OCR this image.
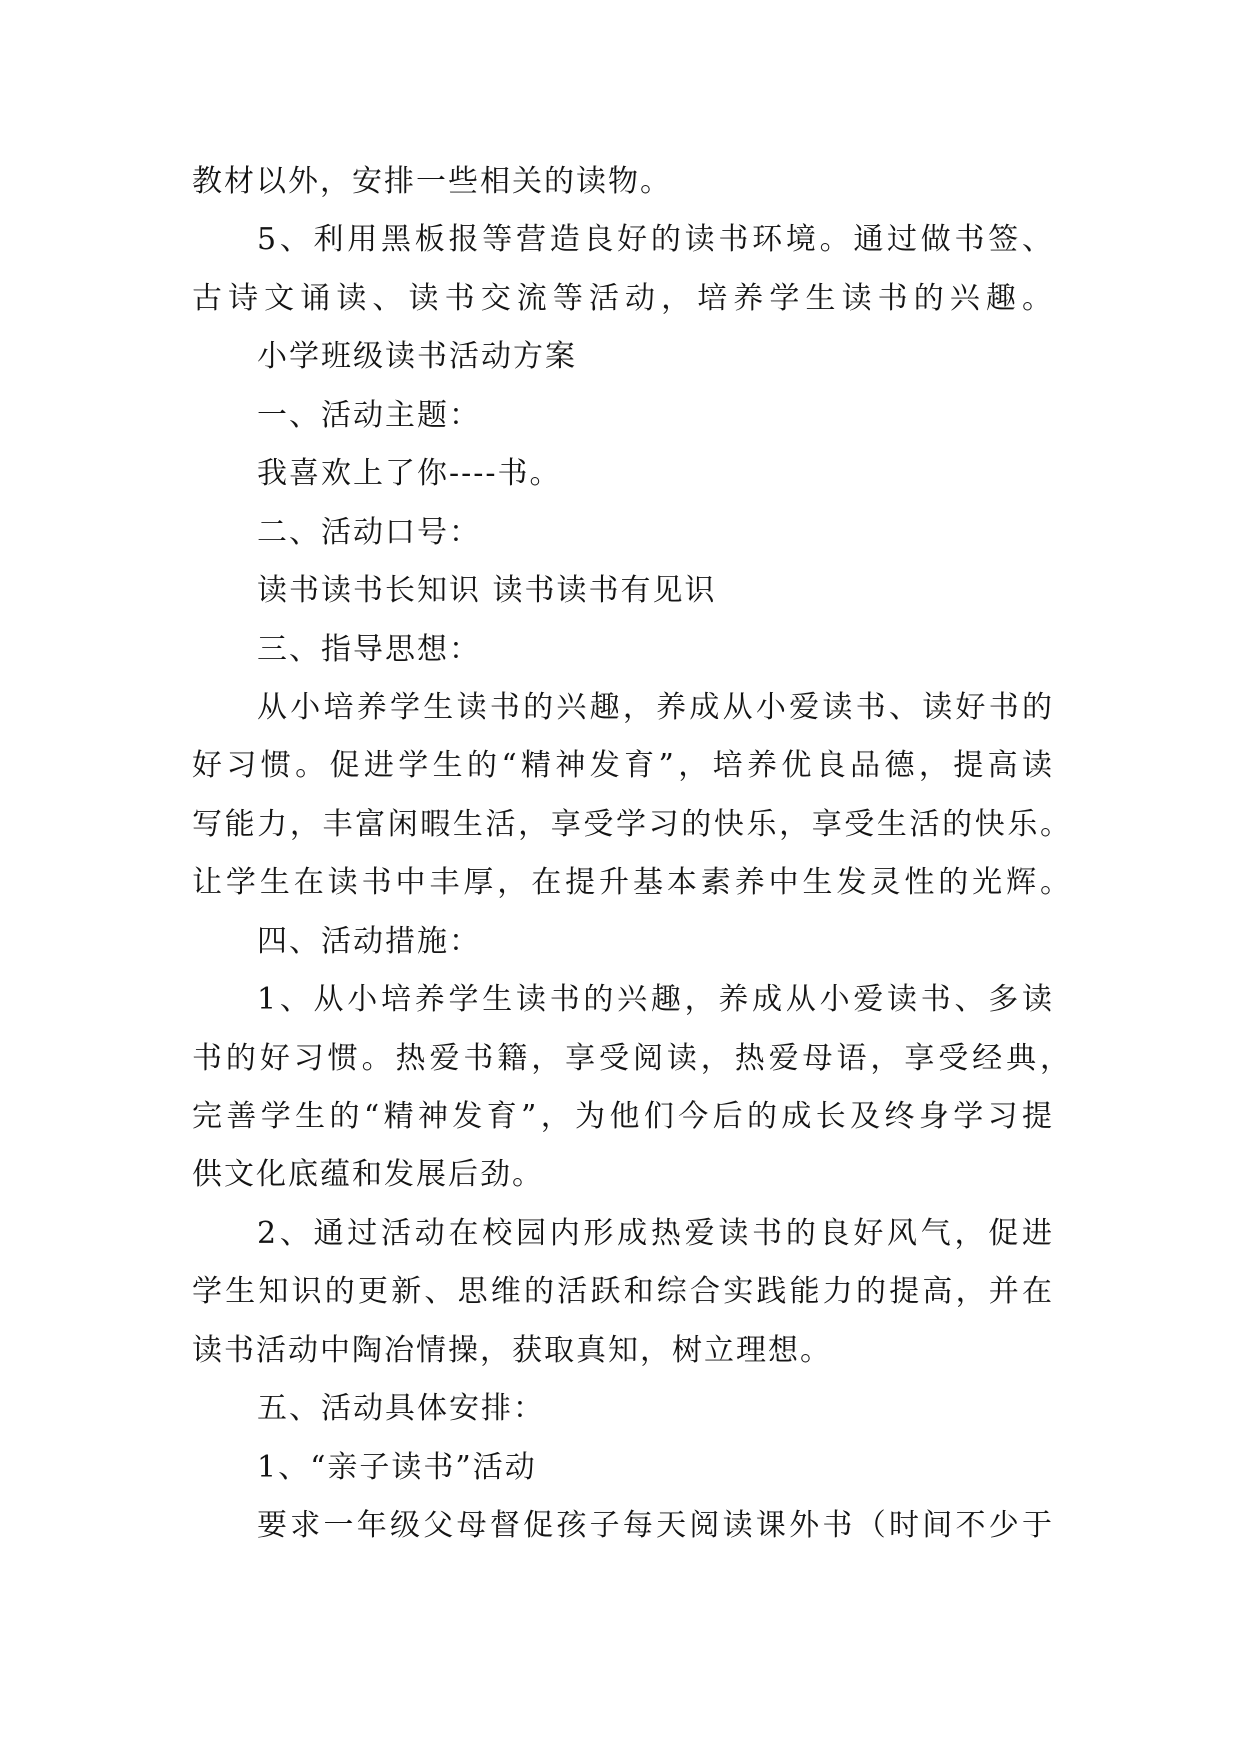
教材以外，安排一些相关的读物。
5、利用黑板报等营造良好的读书环境。通过做书签、
古诗文诵读、读书交流等活动，培养学生读书的兴趣。
小学班级读书活动方案
一、活动主题：
我喜欢上了你----书。
二、活动口号：
读书读书长知识 读书读书有见识
三、指导思想：
从小培养学生读书的兴趣，养成从小爱读书、读好书的
好习惯。促进学生的“精神发育”，培养优良品德，提高读
写能力，丰富闲暇生活，享受学习的快乐，享受生活的快乐。
让学生在读书中丰厚，在提升基本素养中生发灵性的光辉。
四、活动措施：
1、从小培养学生读书的兴趣，养成从小爱读书、多读
书的好习惯。热爱书籍，享受阅读，热爱母语，享受经典，
完善学生的“精神发育”，为他们今后的成长及终身学习提
供文化底蕴和发展后劲。
2、通过活动在校园内形成热爱读书的良好风气，促进
学生知识的更新、思维的活跃和综合实践能力的提高，并在
读书活动中陶冶情操，获取真知，树立理想。
五、活动具体安排：
1、“亲子读书”活动
要求一年级父母督促孩子每天阅读课外书（时间不少于
